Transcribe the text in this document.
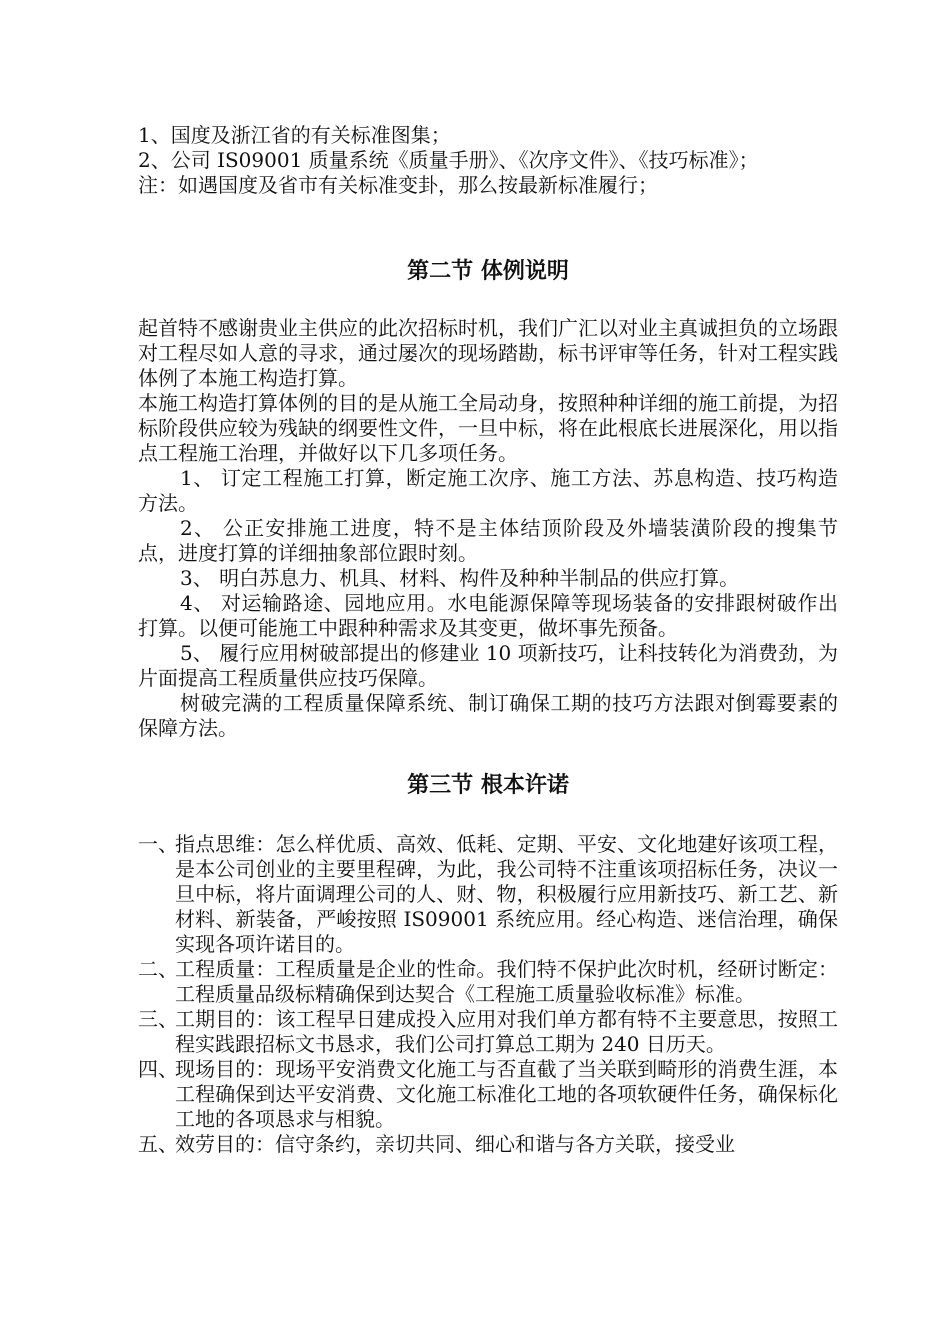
1、国度及浙江省的有关标准图集；

2、公司 IS09001 质量系统《质量手册》、《次序文件》、《技巧标准》；

注：如遇国度及省市有关标准变卦，那么按最新标准履行；

第二节 体例说明

起首特不感谢贵业主供应的此次招标时机，我们广汇以对业主真诚担负的立场跟对工程尽如人意的寻求，通过屡次的现场踏勘，标书评审等任务，针对工程实践体例了本施工构造打算。

本施工构造打算体例的目的是从施工全局动身，按照种种详细的施工前提，为招标阶段供应较为残缺的纲要性文件，一旦中标，将在此根底长进展深化，用以指点工程施工治理，并做好以下几多项任务。

1、 订定工程施工打算，断定施工次序、施工方法、苏息构造、技巧构造方法。

2、 公正安排施工进度，特不是主体结顶阶段及外墙装潢阶段的搜集节点，进度打算的详细抽象部位跟时刻。

3、 明白苏息力、机具、材料、构件及种种半制品的供应打算。

4、 对运输路途、园地应用。水电能源保障等现场装备的安排跟树破作出打算。以便可能施工中跟种种需求及其变更，做坏事先预备。

5、 履行应用树破部提出的修建业 10 项新技巧，让科技转化为消费劲，为片面提高工程质量供应技巧保障。

树破完满的工程质量保障系统、制订确保工期的技巧方法跟对倒霉要素的保障方法。

第三节 根本许诺
一、
指点思维：怎么样优质、高效、低耗、定期、平安、文化地建好该项工程，是本公司创业的主要里程碑，为此，我公司特不注重该项招标任务，决议一旦中标，将片面调理公司的人、财、物，积极履行应用新技巧、新工艺、新材料、新装备，严峻按照 IS09001 系统应用。经心构造、迷信治理，确保实现各项许诺目的。
二、
工程质量：工程质量是企业的性命。我们特不保护此次时机，经研讨断定：工程质量品级标精确保到达契合《工程施工质量验收标准》标准。
三、
工期目的：该工程早日建成投入应用对我们单方都有特不主要意思，按照工程实践跟招标文书恳求，我们公司打算总工期为 240 日历天。
四、
现场目的：现场平安消费文化施工与否直截了当关联到畸形的消费生涯，本工程确保到达平安消费、文化施工标准化工地的各项软硬件任务，确保标化工地的各项恳求与相貌。
五、
效劳目的：信守条约，亲切共同、细心和谐与各方关联，接受业
